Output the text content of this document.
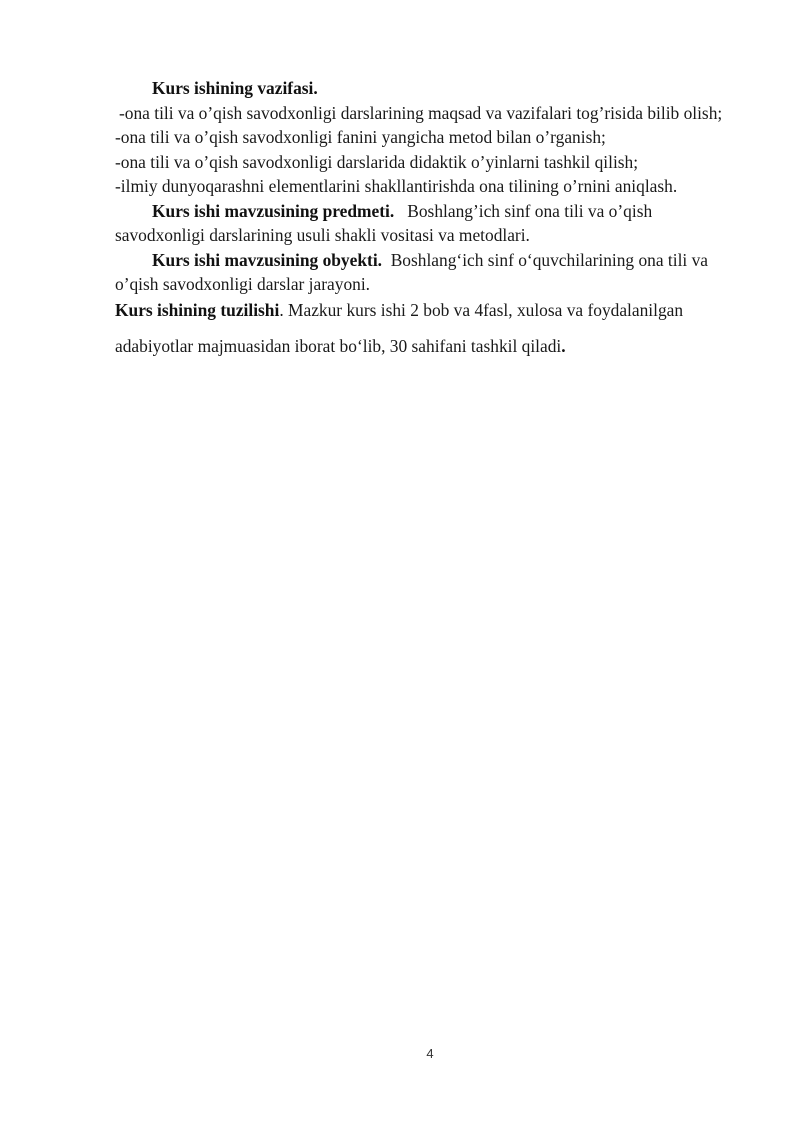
Kurs ishining vazifasi.

-ona tili va o’qish savodxonligi darslarining maqsad va vazifalari tog’risida bilib olish;

-ona tili va o’qish savodxonligi fanini yangicha metod bilan o’rganish;

-ona tili va o’qish savodxonligi darslarida didaktik o’yinlarni tashkil qilish;

-ilmiy dunyoqarashni elementlarini shakllantirishda ona tilining o’rnini aniqlash.

Kurs ishi mavzusining predmeti. Boshlang’ich sinf ona tili va o’qish savodxonligi darslarining usuli shakli vositasi va metodlari.

Kurs ishi mavzusining obyekti. Boshlangʻich sinf oʻquvchilarining ona tili va o’qish savodxonligi darslar jarayoni.

Kurs ishining tuzilishi. Mazkur kurs ishi 2 bob va 4fasl, xulosa va foydalanilgan adabiyotlar majmuasidan iborat boʻlib, 30 sahifani tashkil qiladi.

4
